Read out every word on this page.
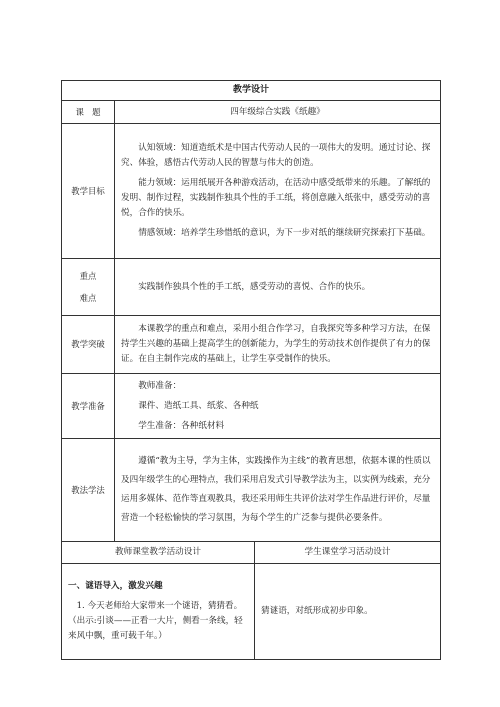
教学设计		
课　题	四年级综合实践《纸趣》	
教学目标	认知领域：知道造纸术是中国古代劳动人民的一项伟大的发明。通过讨论、探究、体验，感悟古代劳动人民的智慧与伟大的创造。

能力领域：运用纸展开各种游戏活动，在活动中感受纸带来的乐趣。了解纸的发明、制作过程，实践制作独具个性的手工纸，将创意融入纸张中，感受劳动的喜悦，合作的快乐。

情感领域：培养学生珍惜纸的意识，为下一步对纸的继续研究探索打下基础。	

重点
难点	实践制作独具个性的手工纸，感受劳动的喜悦、合作的快乐。	

教学突破	本课教学的重点和难点，采用小组合作学习，自我探究等多种学习方法，在保持学生兴趣的基础上提高学生的创新能力，为学生的劳动技术创作提供了有力的保证。在自主制作完成的基础上，让学生享受制作的快乐。	

教学准备	教师准备：

课件、造纸工具、纸浆、各种纸

学生准备：各种纸材料	

教法学法	遵循“教为主导，学为主体，实践操作为主线”的教育思想，依据本课的性质以及四年级学生的心理特点，我们采用启发式引导教学法为主，以实例为线索，充分运用多媒体、范作等直观教具，我还采用师生共评价法对学生作品进行评价，尽量营造一个轻松愉快的学习氛围，为每个学生的广泛参与提供必要条件。	

教师课堂教学活动设计		学生课堂学习活动设计

一、谜语导入，激发兴趣

1. 今天老师给大家带来一个谜语，猜猜看。

（出示:引谈——正看一大片，侧看一条线，轻来风中飘，重可载千年。）		猜谜语，对纸形成初步印象。
